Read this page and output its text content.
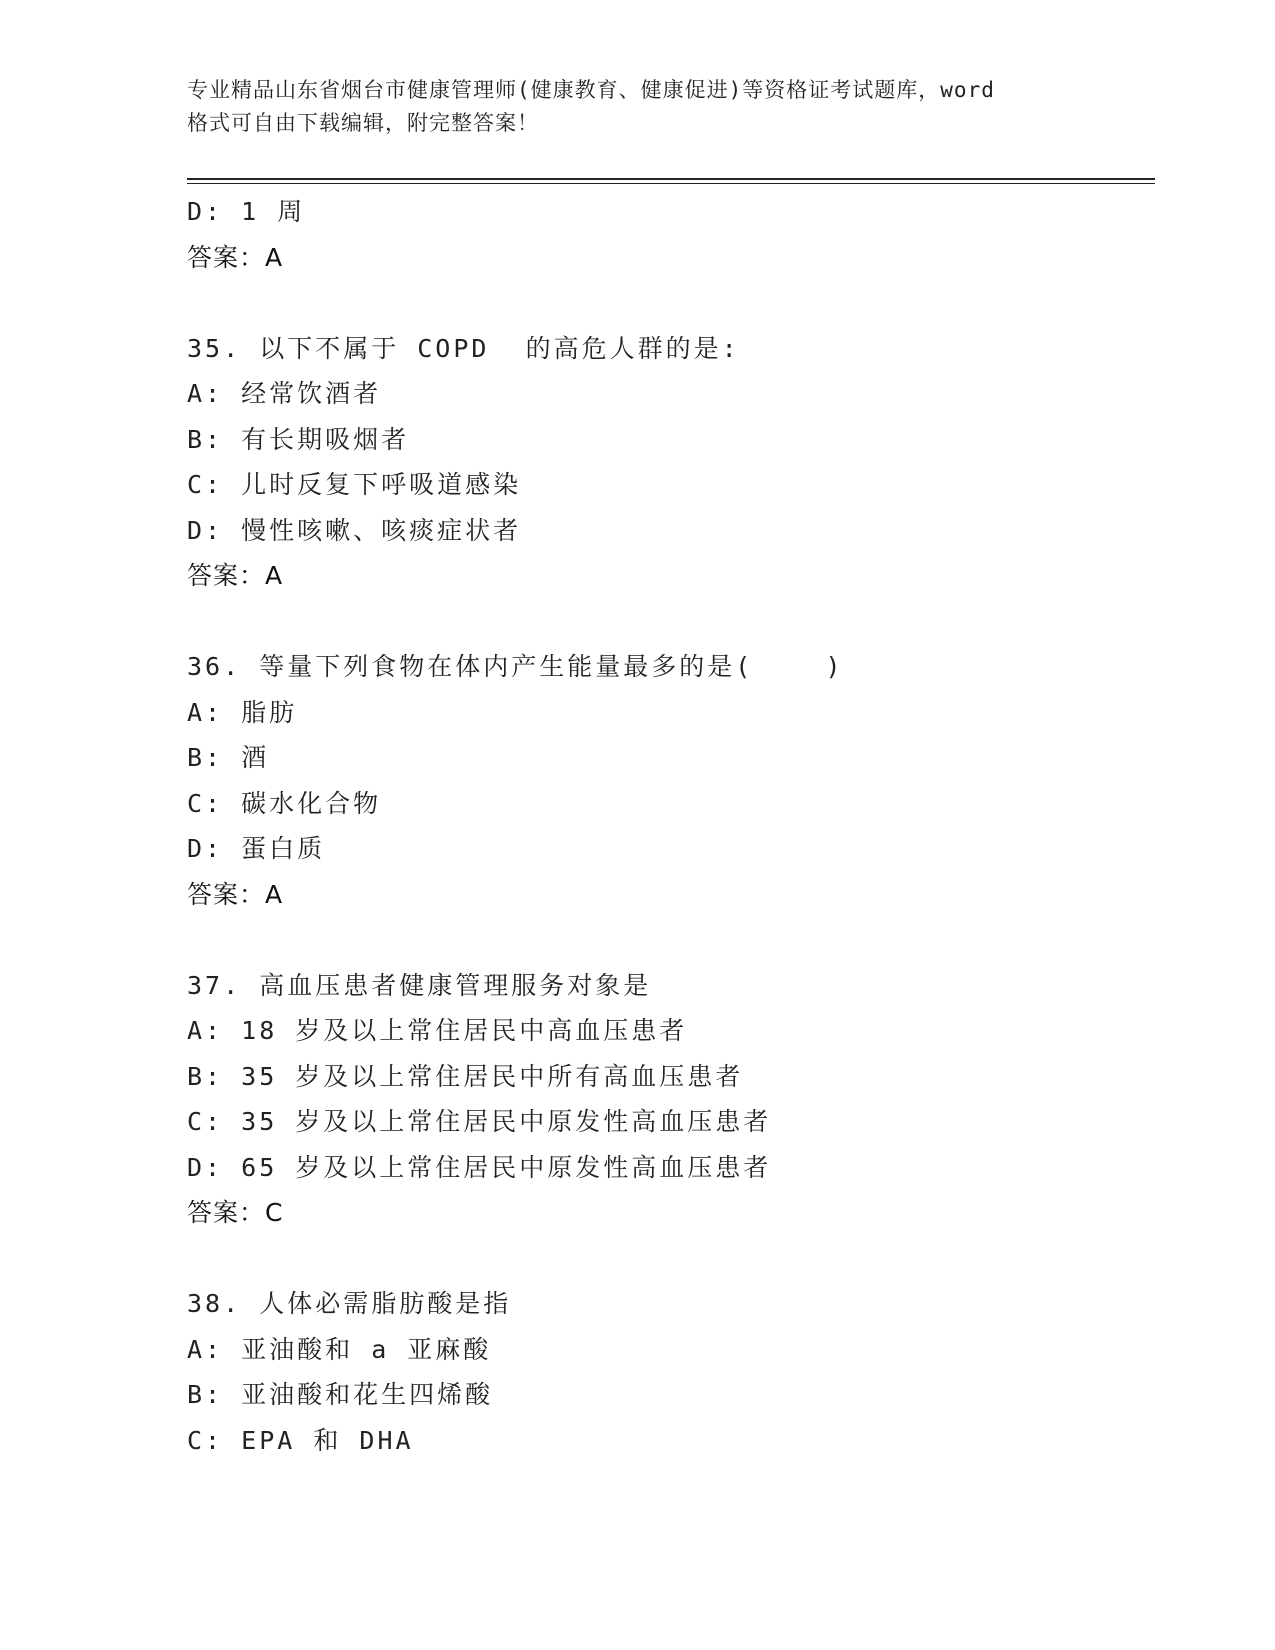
专业精品山东省烟台市健康管理师(健康教育、健康促进)等资格证考试题库，word
格式可自由下载编辑，附完整答案！
D: 1 周
答案：A
35. 以下不属于 COPD  的高危人群的是:
A: 经常饮酒者
B: 有长期吸烟者
C: 儿时反复下呼吸道感染
D: 慢性咳嗽、咳痰症状者
答案：A
36. 等量下列食物在体内产生能量最多的是(    )
A: 脂肪
B: 酒
C: 碳水化合物
D: 蛋白质
答案：A
37. 高血压患者健康管理服务对象是
A: 18 岁及以上常住居民中高血压患者
B: 35 岁及以上常住居民中所有高血压患者
C: 35 岁及以上常住居民中原发性高血压患者
D: 65 岁及以上常住居民中原发性高血压患者
答案：C
38. 人体必需脂肪酸是指
A: 亚油酸和 a 亚麻酸
B: 亚油酸和花生四烯酸
C: EPA 和 DHA
